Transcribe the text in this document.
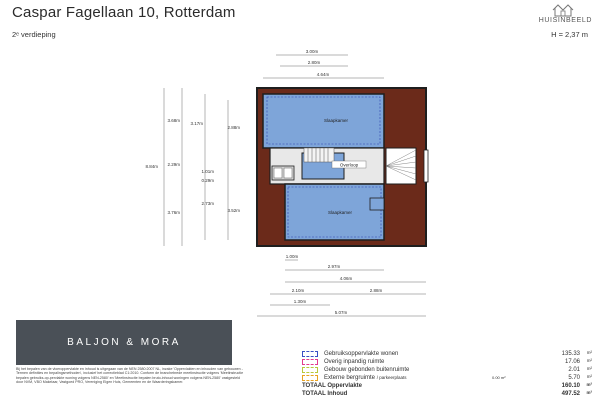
Caspar Fagellaan 10, Rotterdam
2ᵉ verdieping	H = 2,37 m
HUISINBEELD
Slaapkamer
Overloop
Slaapkamer
3.00m
2.80m
4.64m
8.84m
3.68m
2.29m
3.76m
3.17m
1.01m
0.29m
2.73m
2.88m
3.52m
1.00m
2.97m
4.06m
2.10m	2.88m
1.30m
5.07m
BALJON & MORA
Bij het bepalen van de vloeroppervlakte en inhoud is uitgegaan van de NEN 2580:2007 NL, inzake 'Oppervlakten en inhouden van gebouwen - Termen definities en bepalingsmethoden', inclusief het correctieblad C1:2010. Conform de branchebrede meetinstructie volgens 'Meetinstructie bepalen gebruiks-op-pervlakte woning volgens NEN-2580' en 'Meetinstructie bepalen bruto-inhoud woningen volgens NEN-2580' vastgesteld door NVM, VBO Makelaar, Vastgoed PRO, Vereniging Eigen Huis, Gemeenten en de Waarderingskamer.
Gebruiksoppervlakte wonen	135.33 m²
Overig inpandig ruimte	17.06 m²
Gebouw gebonden buitenruimte	2.01 m²
Externe bergruimte / parkeerplaats	0.00 m²	5.70 m²
TOTAAL Oppervlakte	160.10 m²
TOTAAL Inhoud	497.52 m³
